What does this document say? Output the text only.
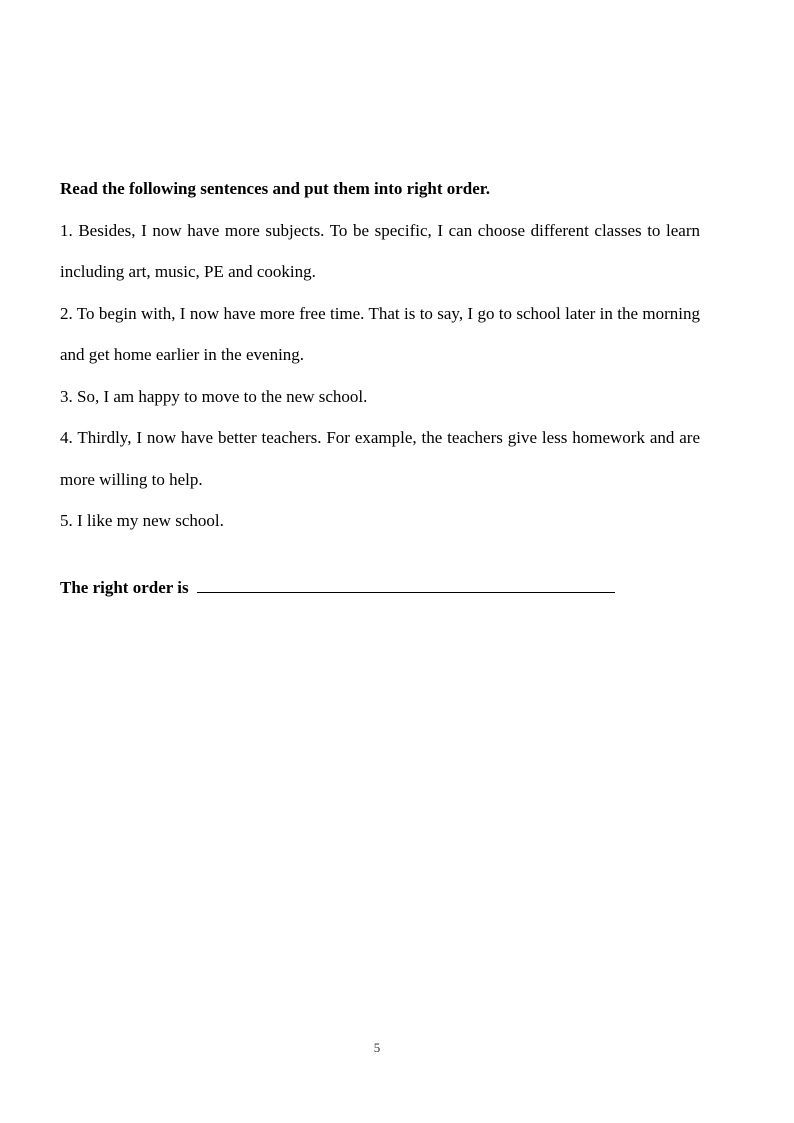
Read the following sentences and put them into right order.

1. Besides, I now have more subjects. To be specific, I can choose different classes to learn including art, music, PE and cooking.

2. To begin with, I now have more free time. That is to say, I go to school later in the morning and get home earlier in the evening.

3. So, I am happy to move to the new school.

4. Thirdly, I now have better teachers. For example, the teachers give less homework and are more willing to help.

5. I like my new school.

The right order is
5
